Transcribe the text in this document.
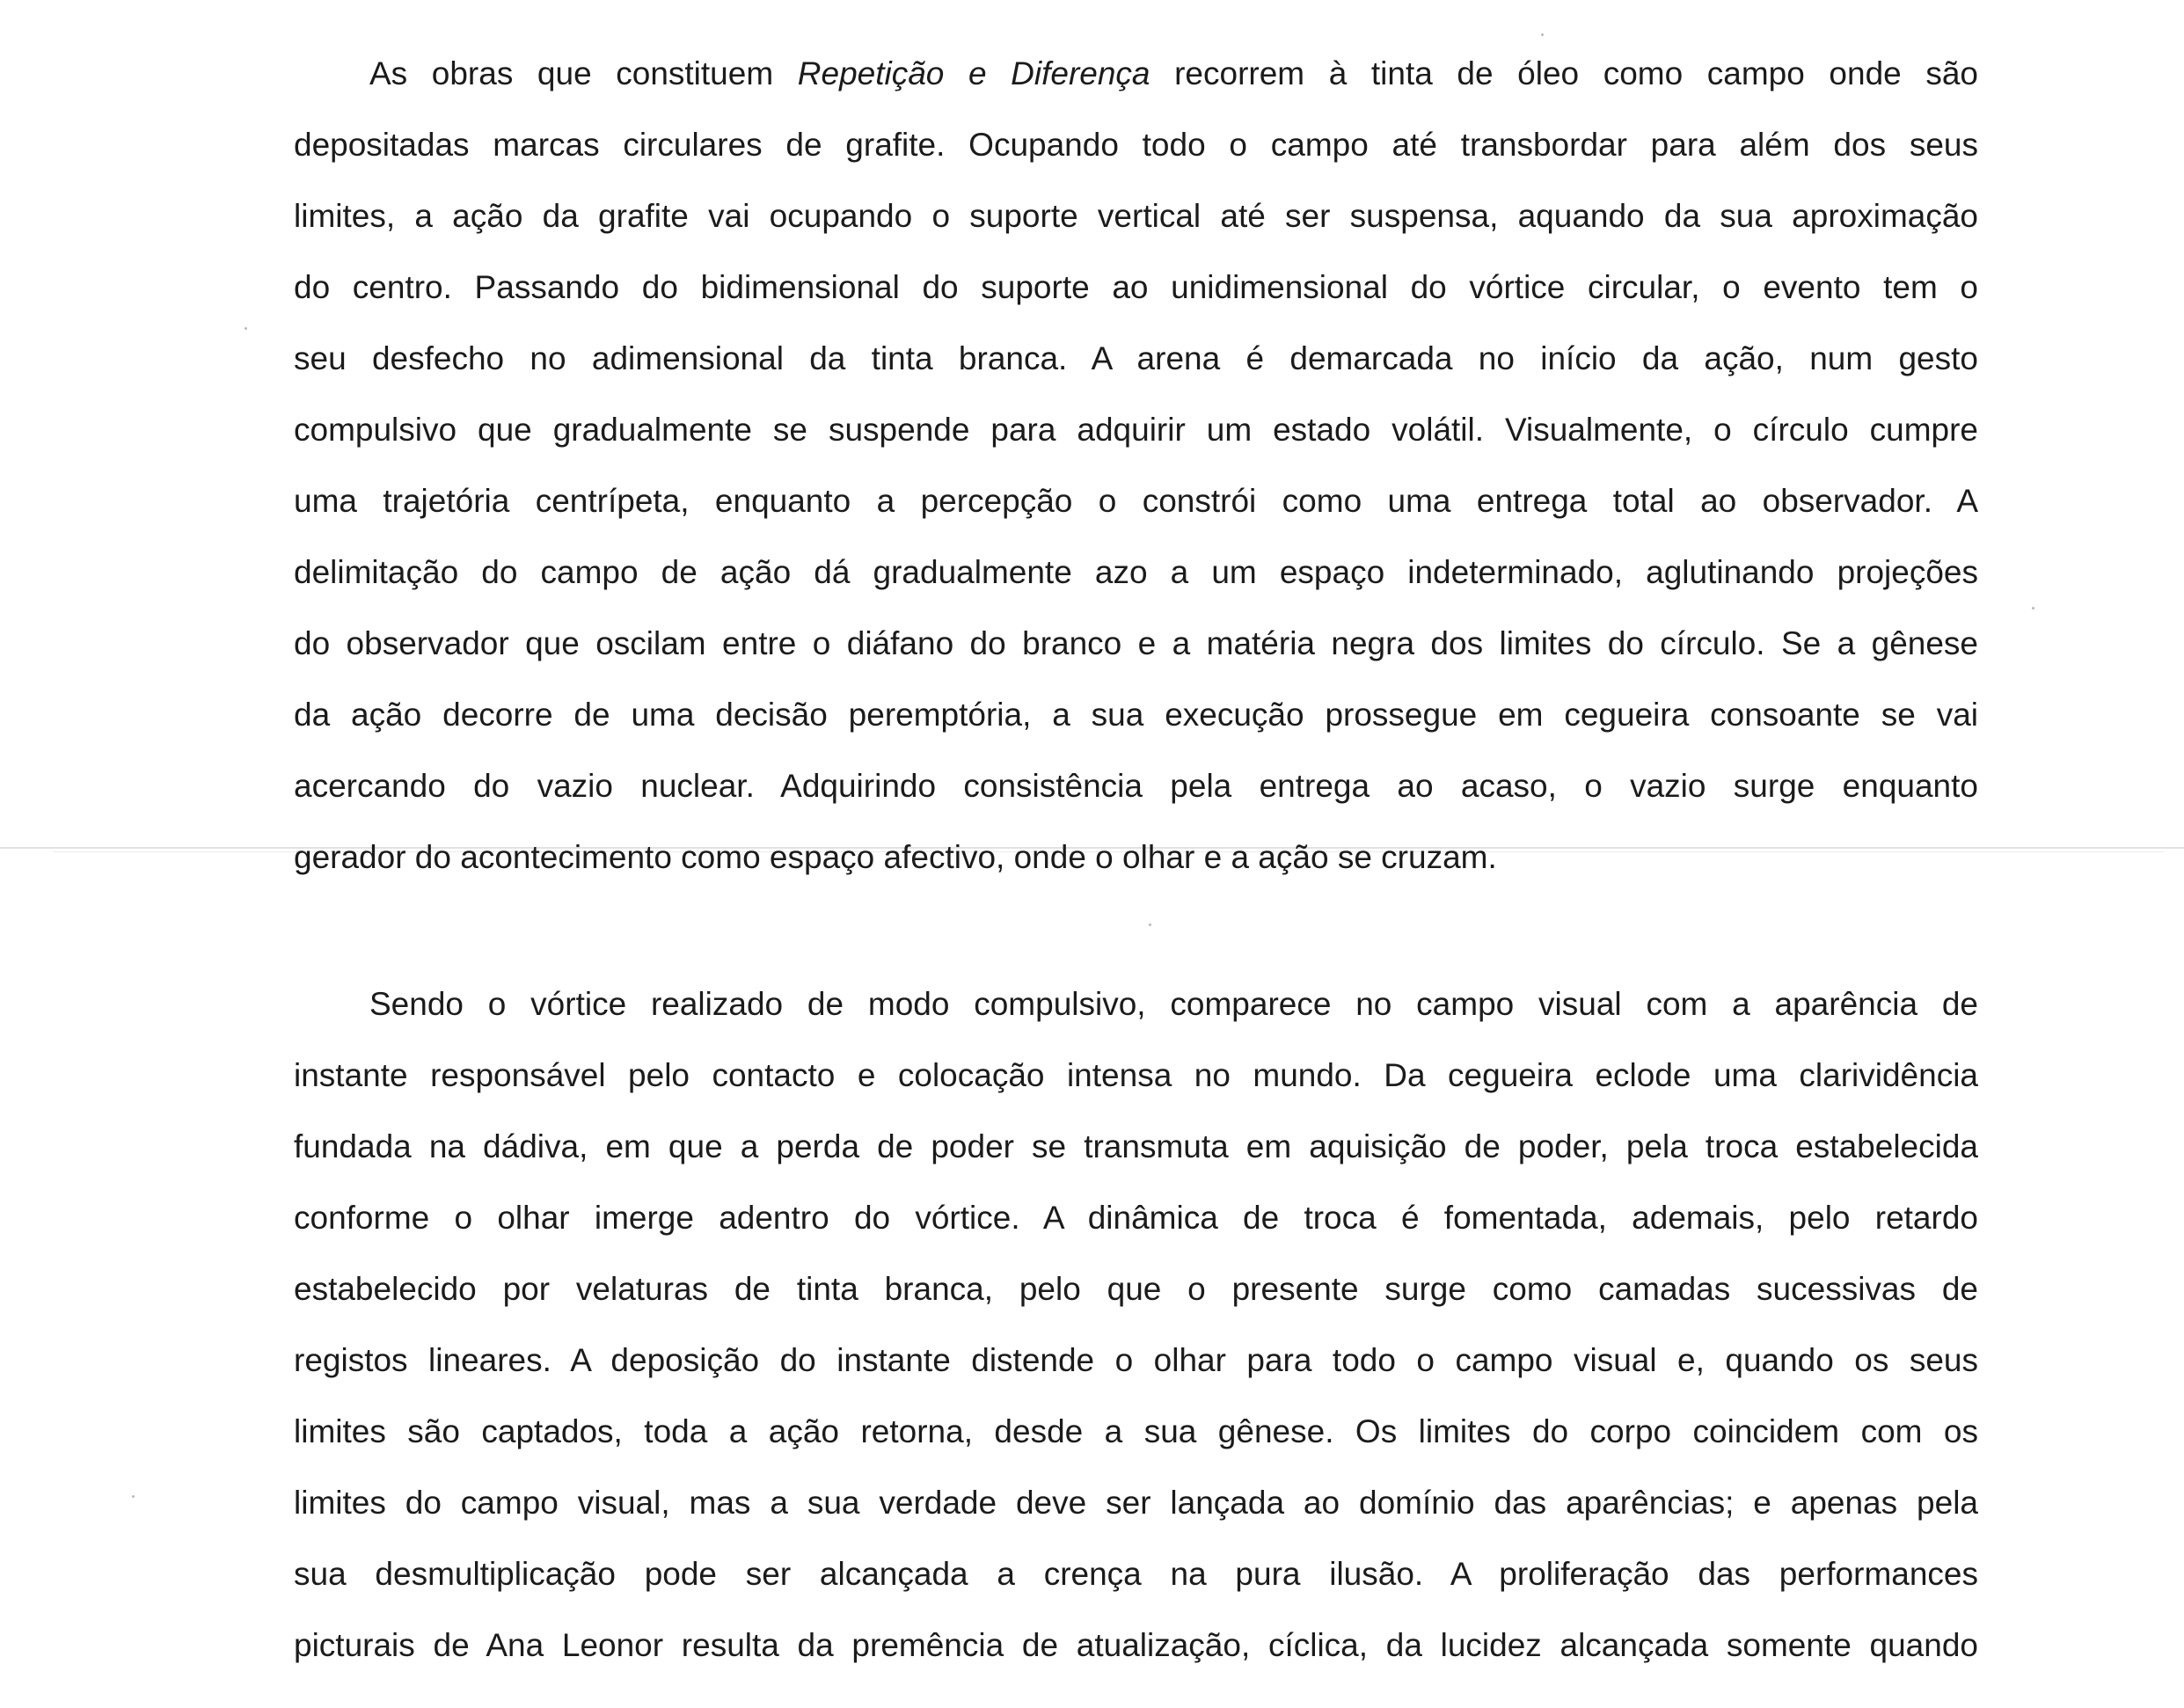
As obras que constituem Repetição e Diferença recorrem à tinta de óleo como campo onde são
depositadas marcas circulares de grafite. Ocupando todo o campo até transbordar para além dos seus
limites, a ação da grafite vai ocupando o suporte vertical até ser suspensa, aquando da sua aproximação
do centro. Passando do bidimensional do suporte ao unidimensional do vórtice circular, o evento tem o
seu desfecho no adimensional da tinta branca. A arena é demarcada no início da ação, num gesto
compulsivo que gradualmente se suspende para adquirir um estado volátil. Visualmente, o círculo cumpre
uma trajetória centrípeta, enquanto a percepção o constrói como uma entrega total ao observador. A
delimitação do campo de ação dá gradualmente azo a um espaço indeterminado, aglutinando projeções
do observador que oscilam entre o diáfano do branco e a matéria negra dos limites do círculo. Se a gênese
da ação decorre de uma decisão peremptória, a sua execução prossegue em cegueira consoante se vai
acercando do vazio nuclear. Adquirindo consistência pela entrega ao acaso, o vazio surge enquanto
gerador do acontecimento como espaço afectivo, onde o olhar e a ação se cruzam.
Sendo o vórtice realizado de modo compulsivo, comparece no campo visual com a aparência de
instante responsável pelo contacto e colocação intensa no mundo. Da cegueira eclode uma clarividência
fundada na dádiva, em que a perda de poder se transmuta em aquisição de poder, pela troca estabelecida
conforme o olhar imerge adentro do vórtice. A dinâmica de troca é fomentada, ademais, pelo retardo
estabelecido por velaturas de tinta branca, pelo que o presente surge como camadas sucessivas de
registos lineares. A deposição do instante distende o olhar para todo o campo visual e, quando os seus
limites são captados, toda a ação retorna, desde a sua gênese. Os limites do corpo coincidem com os
limites do campo visual, mas a sua verdade deve ser lançada ao domínio das aparências; e apenas pela
sua desmultiplicação pode ser alcançada a crença na pura ilusão. A proliferação das performances
picturais de Ana Leonor resulta da premência de atualização, cíclica, da lucidez alcançada somente quando
